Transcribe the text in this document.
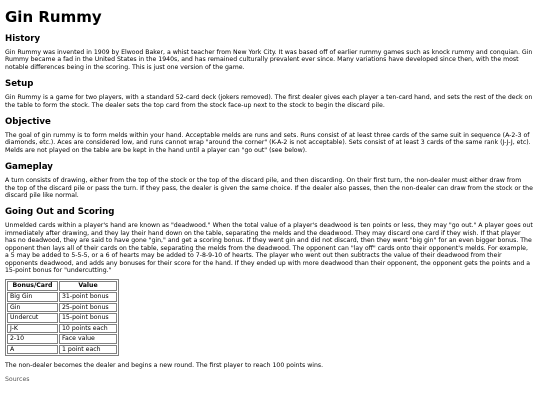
Gin Rummy
History

Gin Rummy was invented in 1909 by Elwood Baker, a whist teacher from New York City. It was based off of earlier rummy games such as knock rummy and conquian. Gin Rummy became a fad in the United States in the 1940s, and has remained culturally prevalent ever since. Many variations have developed since then, with the most notable differences being in the scoring. This is just one version of the game.

Setup

Gin Rummy is a game for two players, with a standard 52-card deck (jokers removed). The first dealer gives each player a ten-card hand, and sets the rest of the deck on the table to form the stock. The dealer sets the top card from the stock face-up next to the stock to begin the discard pile.

Objective

The goal of gin rummy is to form melds within your hand. Acceptable melds are runs and sets. Runs consist of at least three cards of the same suit in sequence (A-2-3 of diamonds, etc.). Aces are considered low, and runs cannot wrap "around the corner" (K-A-2 is not acceptable). Sets consist of at least 3 cards of the same rank (J-J-J, etc). Melds are not played on the table are be kept in the hand until a player can "go out" (see below).

Gameplay

A turn consists of drawing, either from the top of the stock or the top of the discard pile, and then discarding. On their first turn, the non-dealer must either draw from the top of the discard pile or pass the turn. If they pass, the dealer is given the same choice. If the dealer also passes, then the non-dealer can draw from the stock or the discard pile like normal.

Going Out and Scoring

Unmelded cards within a player's hand are known as "deadwood." When the total value of a player's deadwood is ten points or less, they may "go out." A player goes out immediately after drawing, and they lay their hand down on the table, separating the melds and the deadwood. They may discard one card if they wish. If that player has no deadwood, they are said to have gone "gin," and get a scoring bonus. If they went gin and did not discard, then they went "big gin" for an even bigger bonus. The opponent then lays all of their cards on the table, separating the melds from the deadwood. The opponent can "lay off" cards onto their opponent's melds. For example, a 5 may be added to 5-5-5, or a 6 of hearts may be added to 7-8-9-10 of hearts. The player who went out then subtracts the value of their deadwood from their opponents deadwood, and adds any bonuses for their score for the hand. If they ended up with more deadwood than their opponent, the opponent gets the points and a 15-point bonus for "undercutting."

Bonus/Card	Value
Big Gin	31-point bonus
Gin	25-point bonus
Undercut	15-point bonus
J-K	10 points each
2-10	Face value
A	1 point each

The non-dealer becomes the dealer and begins a new round. The first player to reach 100 points wins.

Sources
